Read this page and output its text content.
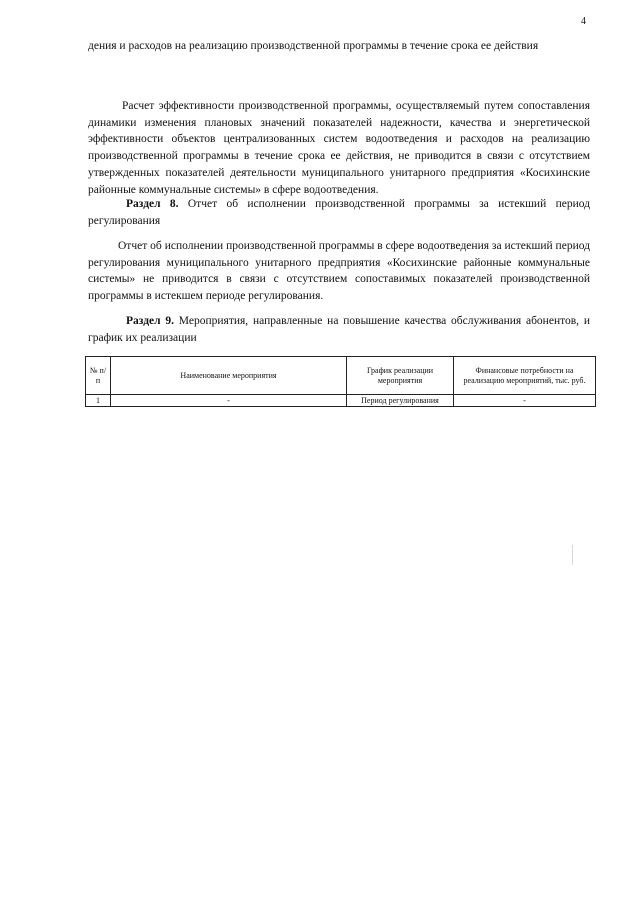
4

дения и расходов на реализацию производственной программы в течение срока ее действия

Расчет эффективности производственной программы, осуществляемый путем сопоставления динамики изменения плановых значений показателей надежности, качества и энергетической эффективности объектов централизованных систем водоотведения и расходов на реализацию производственной программы в течение срока ее действия, не приводится в связи с отсутствием утвержденных показателей деятельности муниципального унитарного предприятия «Косихинские районные коммунальные системы» в сфере водоотведения.

Раздел 8. Отчет об исполнении производственной программы за истекший период регулирования

Отчет об исполнении производственной программы в сфере водоотведения за истекший период регулирования муниципального унитарного предприятия «Косихинские районные коммунальные системы» не приводится в связи с отсутствием сопоставимых показателей производственной программы в истекшем периоде регулирования.

Раздел 9. Мероприятия, направленные на повышение качества обслуживания абонентов, и график их реализации

№ п/п	Наименование мероприятия	График реализации мероприятия	Финансовые потребности на реализацию мероприятий, тыс. руб.
1	-	Период регулирования	-
